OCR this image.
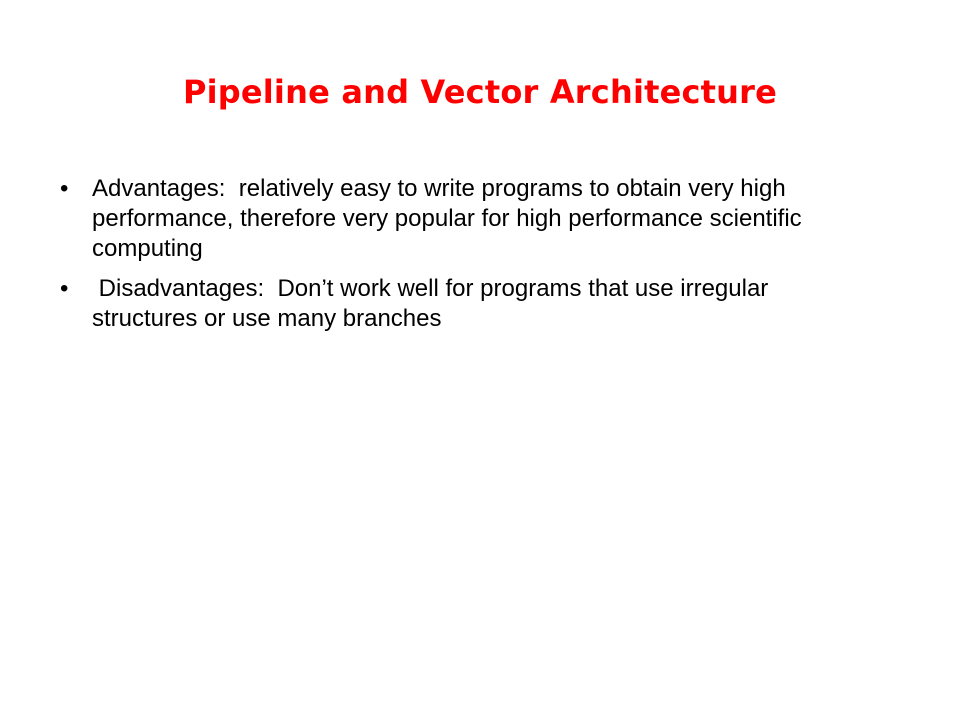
Pipeline and Vector Architecture
• Advantages:  relatively easy to write programs to obtain very high performance, therefore very popular for high performance scientific computing
• Disadvantages:  Don’t work well for programs that use irregular structures or use many branches
